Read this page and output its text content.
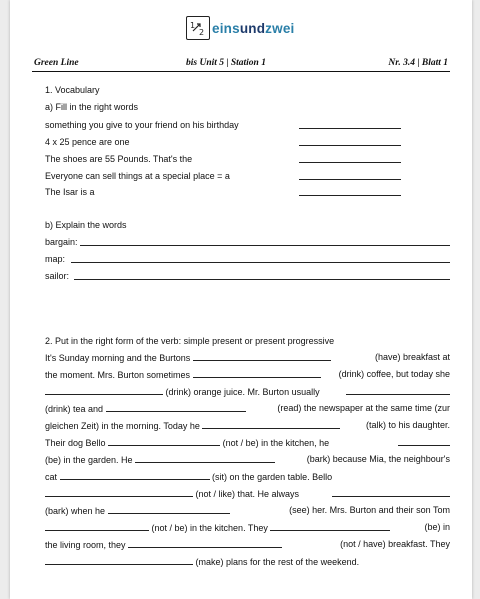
1
2 einsundzwei
Green Line	bis Unit 5 | Station 1	Nr. 3.4 | Blatt 1
1. Vocabulary
a) Fill in the right words
something you give to your friend on his birthday
4 x 25 pence are one
The shoes are 55 Pounds. That's the
Everyone can sell things at a special place = a
The Isar is a
b) Explain the words
bargain:
map:
sailor:
2. Put in the right form of the verb: simple present or present progressive
It's Sunday morning and the Burtons	(have) breakfast at
the moment. Mrs. Burton sometimes	(drink) coffee, but today she
(drink) orange juice. Mr. Burton usually
(drink) tea and	(read) the newspaper at the same time (zur
gleichen Zeit) in the morning. Today he	(talk) to his daughter.
Their dog Bello	(not / be) in the kitchen, he
(be) in the garden. He	(bark) because Mia, the neighbour's
cat	(sit) on the garden table. Bello
(not / like) that. He always
(bark) when he	(see) her. Mrs. Burton and their son Tom
(not / be) in the kitchen. They	(be) in
the living room, they	(not / have) breakfast. They
(make) plans for the rest of the weekend.
